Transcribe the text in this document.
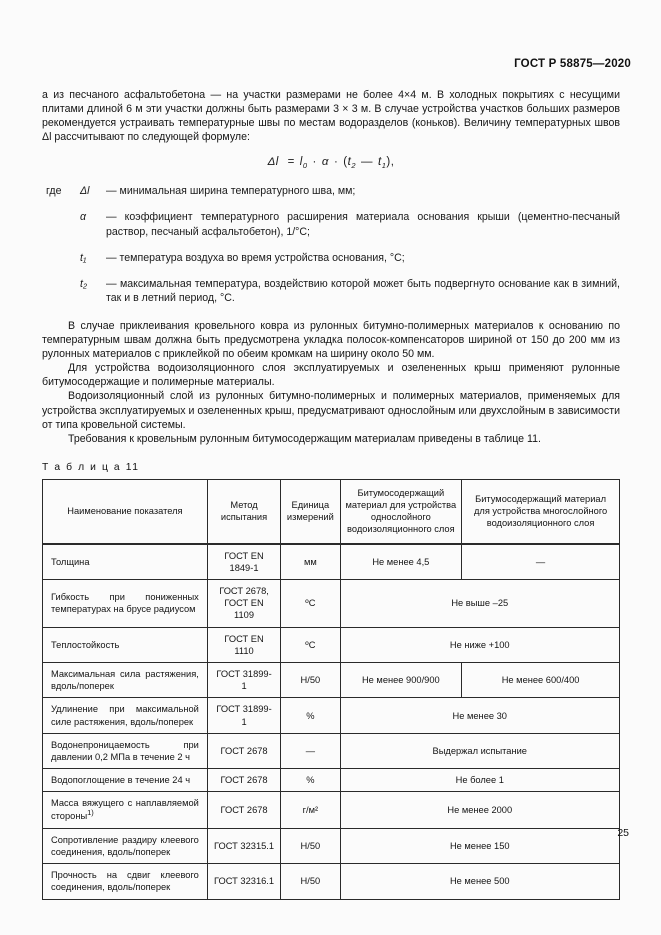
ГОСТ Р 58875—2020

а из песчаного асфальтобетона — на участки размерами не более 4×4 м. В холодных покрытиях с несущими плитами длиной 6 м эти участки должны быть размерами 3 × 3 м. В случае устройства участков больших размеров рекомендуется устраивать температурные швы по местам водоразделов (коньков). Величину температурных швов Δl рассчитывают по следующей формуле:

$\Delta l = l_0 \cdot \alpha \cdot (t_2$ — $t_1$),
где	Δl	— минимальная ширина температурного шва, мм;
α	— коэффициент температурного расширения материала основания крыши (цементно-песчаный раствор, песчаный асфальтобетон), 1/°С;
t₁	— температура воздуха во время устройства основания, °С;
t₂	— максимальная температура, воздействию которой может быть подвергнуто основание как в зимний, так и в летний период, °С.

В случае приклеивания кровельного ковра из рулонных битумно-полимерных материалов к основанию по температурным швам должна быть предусмотрена укладка полосок-компенсаторов шириной от 150 до 200 мм из рулонных материалов с приклейкой по обеим кромкам на ширину около 50 мм.

Для устройства водоизоляционного слоя эксплуатируемых и озелененных крыш применяют рулонные битумосодержащие и полимерные материалы.

Водоизоляционный слой из рулонных битумно-полимерных и полимерных материалов, применяемых для устройства эксплуатируемых и озелененных крыш, предусматривают однослойным или двухслойным в зависимости от типа кровельной системы.

Требования к кровельным рулонным битумосодержащим материалам приведены в таблице 11.

Т а б л и ц а 11
Наименование показателя	Метод испытания	Единица измерений	Битумосодержащий материал для устройства однослойного водоизоляционного слоя	Битумосодержащий материал для устройства многослойного водоизоляционного слоя
Толщина	ГОСТ EN 1849-1	мм	Не менее 4,5	—
Гибкость при пониженных температурах на брусе радиусом	ГОСТ 2678, ГОСТ EN 1109	ºС	Не выше –25	
Теплостойкость	ГОСТ EN 1110	ºС	Не ниже +100	
Максимальная сила растяжения, вдоль/поперек	ГОСТ 31899-1	Н/50	Не менее 900/900	Не менее 600/400
Удлинение при максимальной силе растяжения, вдоль/поперек	ГОСТ 31899-1	%	Не менее 30	
Водонепроницаемость при давлении 0,2 МПа в течение 2 ч	ГОСТ 2678	—	Выдержал испытание	
Водопоглощение в течение 24 ч	ГОСТ 2678	%	Не более 1	
Масса вяжущего с наплавляемой стороны$^{1)}$	ГОСТ 2678	г/м²	Не менее 2000	
Сопротивление раздиру клеевого соединения, вдоль/поперек	ГОСТ 32315.1	Н/50	Не менее 150	
Прочность на сдвиг клеевого соединения, вдоль/поперек	ГОСТ 32316.1	Н/50	Не менее 500	
25
